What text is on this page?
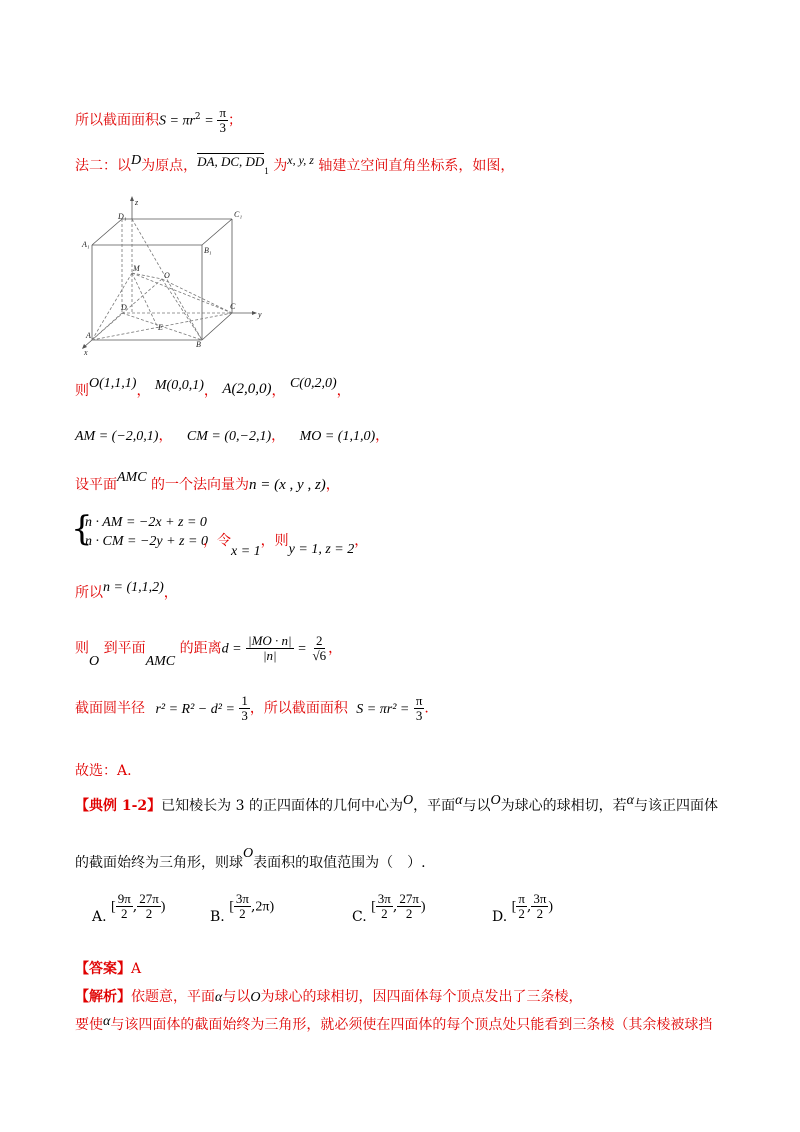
所以截面面积$S = \pi r^2 = \frac{\pi}{3}$ ；
法二：以D为原点，DA, DC, $DD_1$ 为x, y, z 轴建立空间直角坐标系，如图，
D₁
z
C₁
A₁
B₁
M
O
D	C
y
E
A
B
x
则O(1,1,1)， M(0,0,1)， A(2,0,0)， C(0,2,0)，
AM = (−2,0,1)， CM = (0,−2,1)， MO = (1,1,0)，
设平面AMC 的一个法向量为n = (x , y , z)，
{
n · AM = −2x + z = 0
n · CM = −2y + z = 0
，令x = 1，则y = 1, z = 2，
所以n = (1,1,2)，
则O 到平面AMC 的距离$d = \frac{|MO \cdot n|}{|n|} = \frac{2}{√6}$ ，
截面圆半径 $r^2 = R^2 - d^2 = \frac{1}{3}$ ，所以截面面积 $S = \pi r^2 = \frac{\pi}{3}$ .
故选：A.
【典例 1-2】已知棱长为 3 的正四面体的几何中心为O，平面α与以O为球心的球相切，若α与该正四面体
的截面始终为三角形，则球O表面积的取值范围为（　）.
A. [ $\frac{9\pi}{2}$ , $\frac{27\pi}{2}$ )
B. [ $\frac{3\pi}{2} ,2\pi$)
C. [ $\frac{3\pi}{2}$ , $\frac{27\pi}{2}$ )
D. [ $\frac{\pi}{2}$ , $\frac{3\pi}{2}$ )
【答案】A
【解析】依题意，平面α与以O为球心的球相切，因四面体每个顶点发出了三条棱，
要使α与该四面体的截面始终为三角形，就必须使在四面体的每个顶点处只能看到三条棱（其余棱被球挡
